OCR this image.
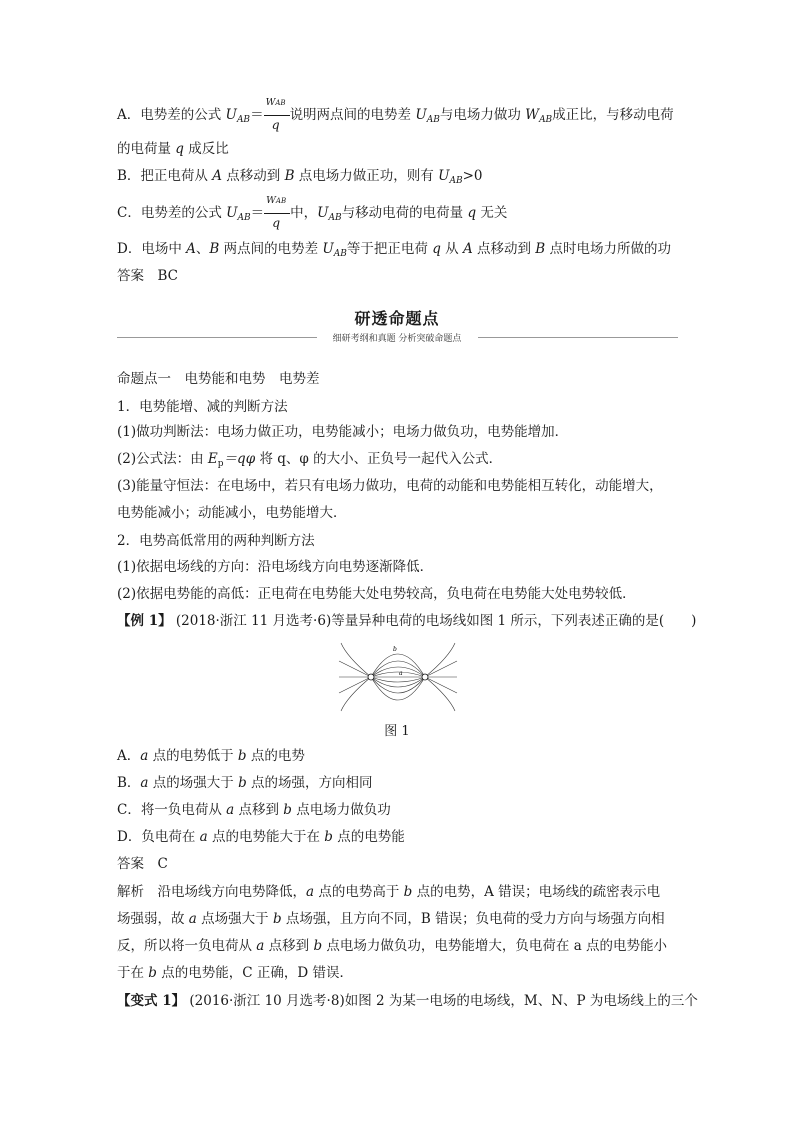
A．电势差的公式 $U_{AB}= \frac{\text{WAB}}{q}$ 说明两点间的电势差 $U_{AB}$与电场力做功 $W_{AB}$成正比，与移动电荷
的电荷量 q 成反比
B．把正电荷从 A 点移动到 B 点电场力做正功，则有 $U_{AB}>0$
C．电势差的公式 $U_{AB}= \frac{\text{WAB}}{q}$ 中，$U_{AB}$与移动电荷的电荷量 q 无关
D．电场中 A、B 两点间的电势差 $U_{AB}$等于把正电荷 q 从 A 点移动到 B 点时电场力所做的功
答案　BC
研透命题点
细研考纲和真题 分析突破命题点
命题点一　电势能和电势　电势差
1．电势能增、减的判断方法
(1)做功判断法：电场力做正功，电势能减小；电场力做负功，电势能增加．
(2)公式法：由 $E_p=q\varphi$ 将 q、φ 的大小、正负号一起代入公式．
(3)能量守恒法：在电场中，若只有电场力做功，电荷的动能和电势能相互转化，动能增大，
电势能减小；动能减小，电势能增大．
2．电势高低常用的两种判断方法
(1)依据电场线的方向：沿电场线方向电势逐渐降低．
(2)依据电势能的高低：正电荷在电势能大处电势较高，负电荷在电势能大处电势较低．
【例 1】 (2018·浙江 11 月选考·6)等量异种电荷的电场线如图 1 所示，下列表述正确的是(　　)
b
a
图 1
A．a 点的电势低于 b 点的电势
B．a 点的场强大于 b 点的场强，方向相同
C．将一负电荷从 a 点移到 b 点电场力做负功
D．负电荷在 a 点的电势能大于在 b 点的电势能
答案　C
解析　沿电场线方向电势降低，a 点的电势高于 b 点的电势，A 错误；电场线的疏密表示电
场强弱，故 a 点场强大于 b 点场强，且方向不同，B 错误；负电荷的受力方向与场强方向相
反，所以将一负电荷从 a 点移到 b 点电场力做负功，电势能增大，负电荷在 a 点的电势能小
于在 b 点的电势能，C 正确，D 错误．
【变式 1】 (2016·浙江 10 月选考·8)如图 2 为某一电场的电场线，M、N、P 为电场线上的三个
